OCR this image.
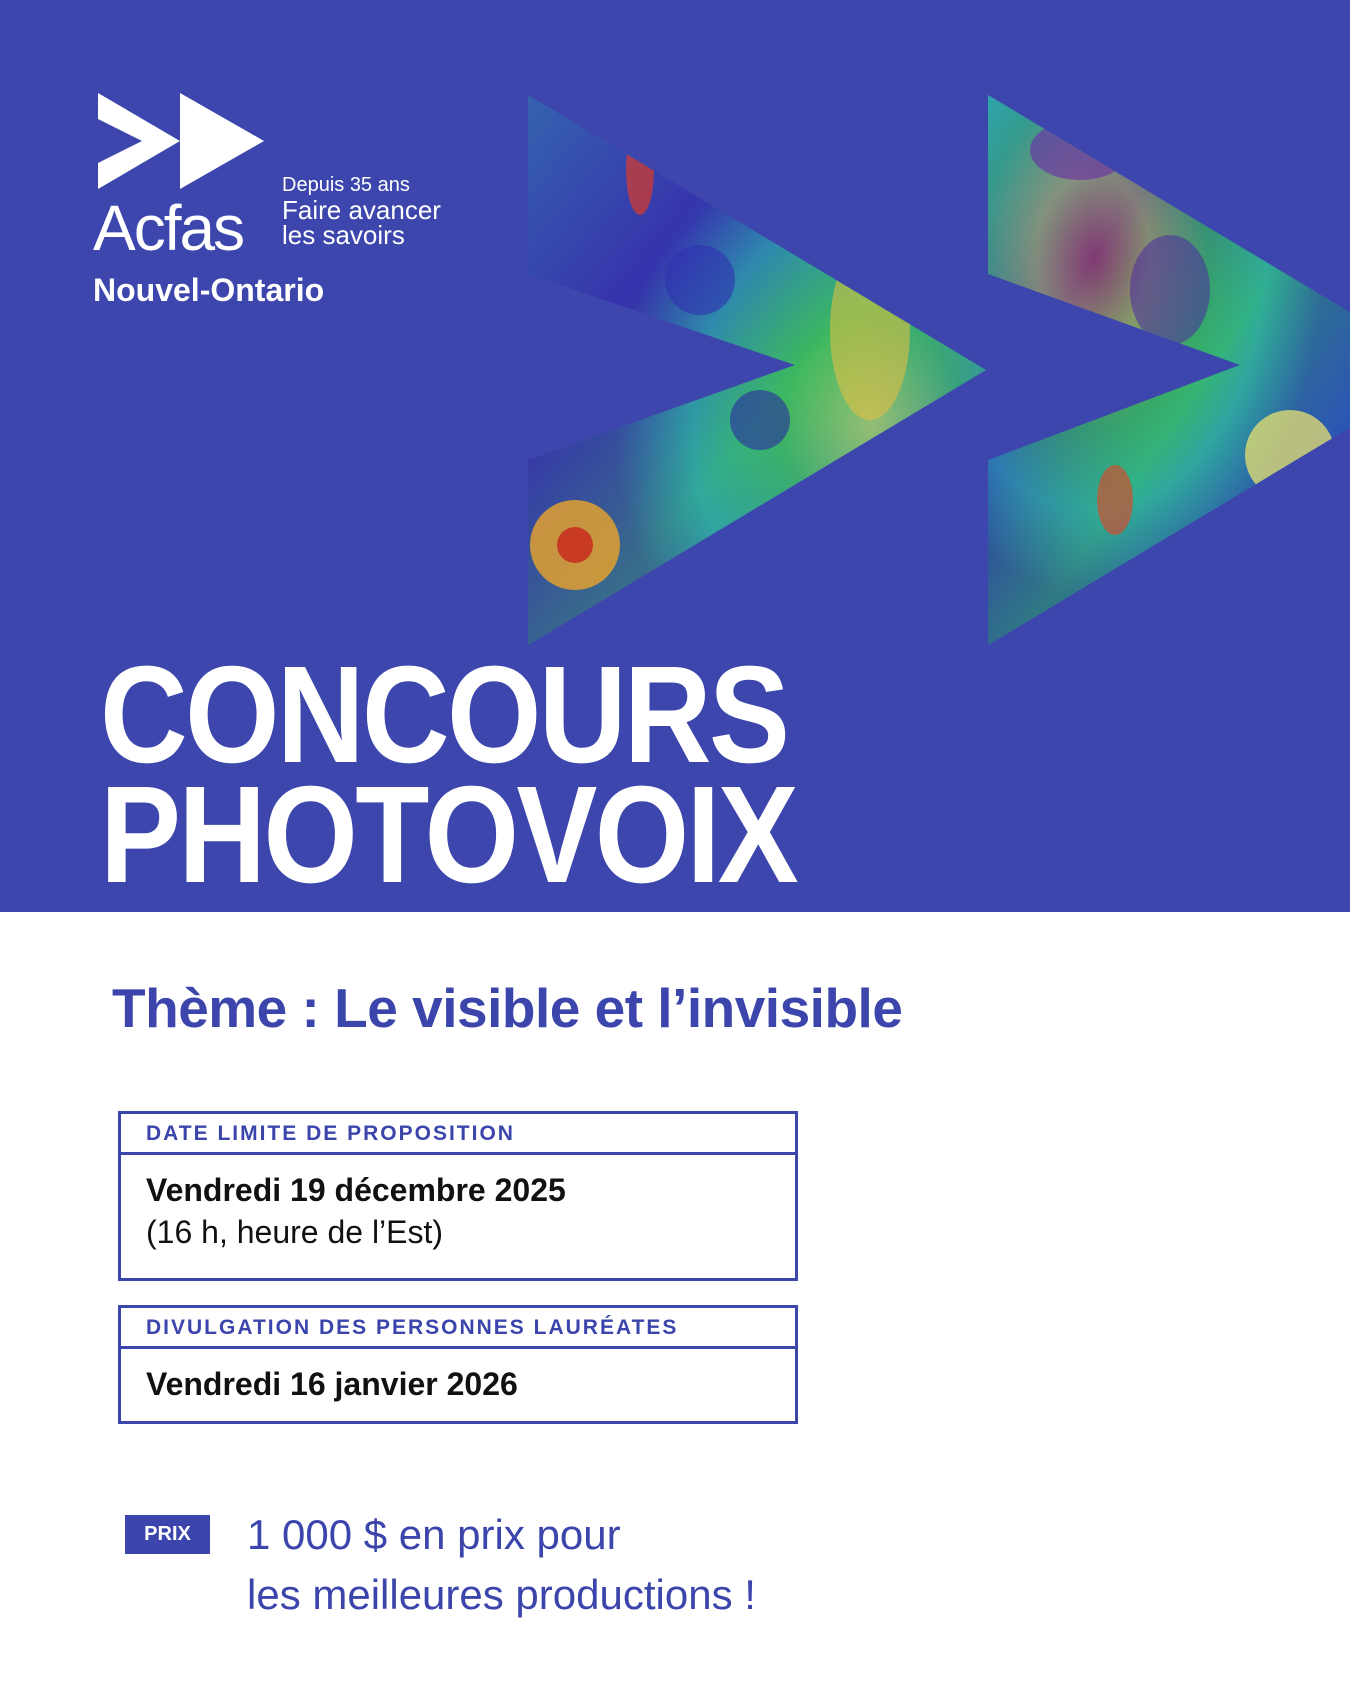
Acfas
Depuis 35 ans
Faire avancer
les savoirs
Nouvel-Ontario
CONCOURS
PHOTOVOIX
Thème : Le visible et l’invisible
DATE LIMITE DE PROPOSITION
Vendredi 19 décembre 2025
(16 h, heure de l’Est)
DIVULGATION DES PERSONNES LAURÉATES
Vendredi 16 janvier 2026
PRIX	1 000 $ en prix pour
les meilleures productions !
